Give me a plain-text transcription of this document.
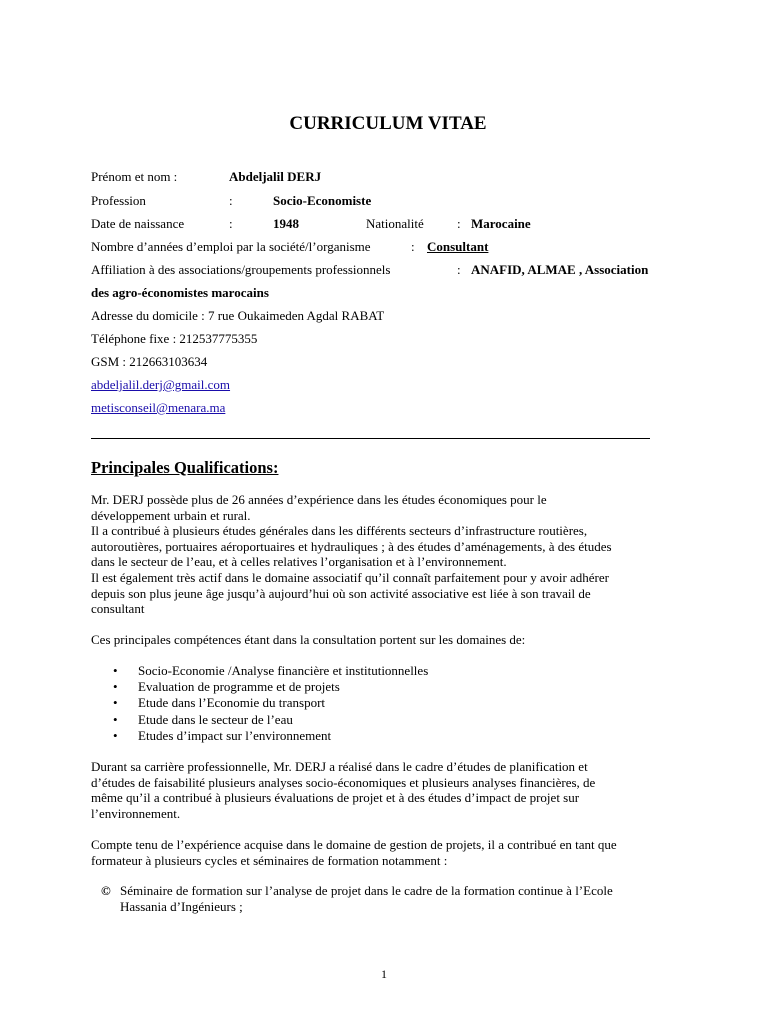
CURRICULUM VITAE
Prénom et nom :	Abdeljalil DERJ
Profession	:	Socio-Economiste
Date de naissance	:	1948	Nationalité	: Marocaine
Nombre d’années d’emploi par la société/l’organisme	: Consultant
Affiliation à des associations/groupements professionnels	: ANAFID, ALMAE , Association
des agro-économistes marocains
Adresse du domicile : 7 rue Oukaimeden Agdal RABAT
Téléphone fixe : 212537775355
GSM : 212663103634
abdeljalil.derj@gmail.com
metisconseil@menara.ma
Principales Qualifications:
Mr. DERJ possède plus de 26 années d’expérience dans les études économiques pour le
développement urbain et rural.
Il a contribué à plusieurs études générales dans les différents secteurs d’infrastructure routières,
autoroutières, portuaires aéroportuaires et hydrauliques ; à des études d’aménagements, à des études
dans le secteur de l’eau, et à celles relatives l’organisation et à l’environnement.
Il est également très actif dans le domaine associatif qu’il connaît parfaitement pour y avoir adhérer
depuis son plus jeune âge jusqu’à aujourd’hui où son activité associative est liée à son travail de
consultant
Ces principales compétences étant dans la consultation portent sur les domaines de:
• Socio-Economie /Analyse financière et institutionnelles
• Evaluation de programme et de projets
• Etude dans l’Economie du transport
• Etude dans le secteur de l’eau
• Etudes d’impact sur l’environnement
Durant sa carrière professionnelle, Mr. DERJ a réalisé dans le cadre d’études de planification et
d’études de faisabilité plusieurs analyses socio-économiques et plusieurs analyses financières, de
même qu’il a contribué à plusieurs évaluations de projet et à des études d’impact de projet sur
l’environnement.
Compte tenu de l’expérience acquise dans le domaine de gestion de projets, il a contribué en tant que
formateur à plusieurs cycles et séminaires de formation notamment :
© Séminaire de formation sur l’analyse de projet dans le cadre de la formation continue à l’Ecole
Hassania d’Ingénieurs ;
1
